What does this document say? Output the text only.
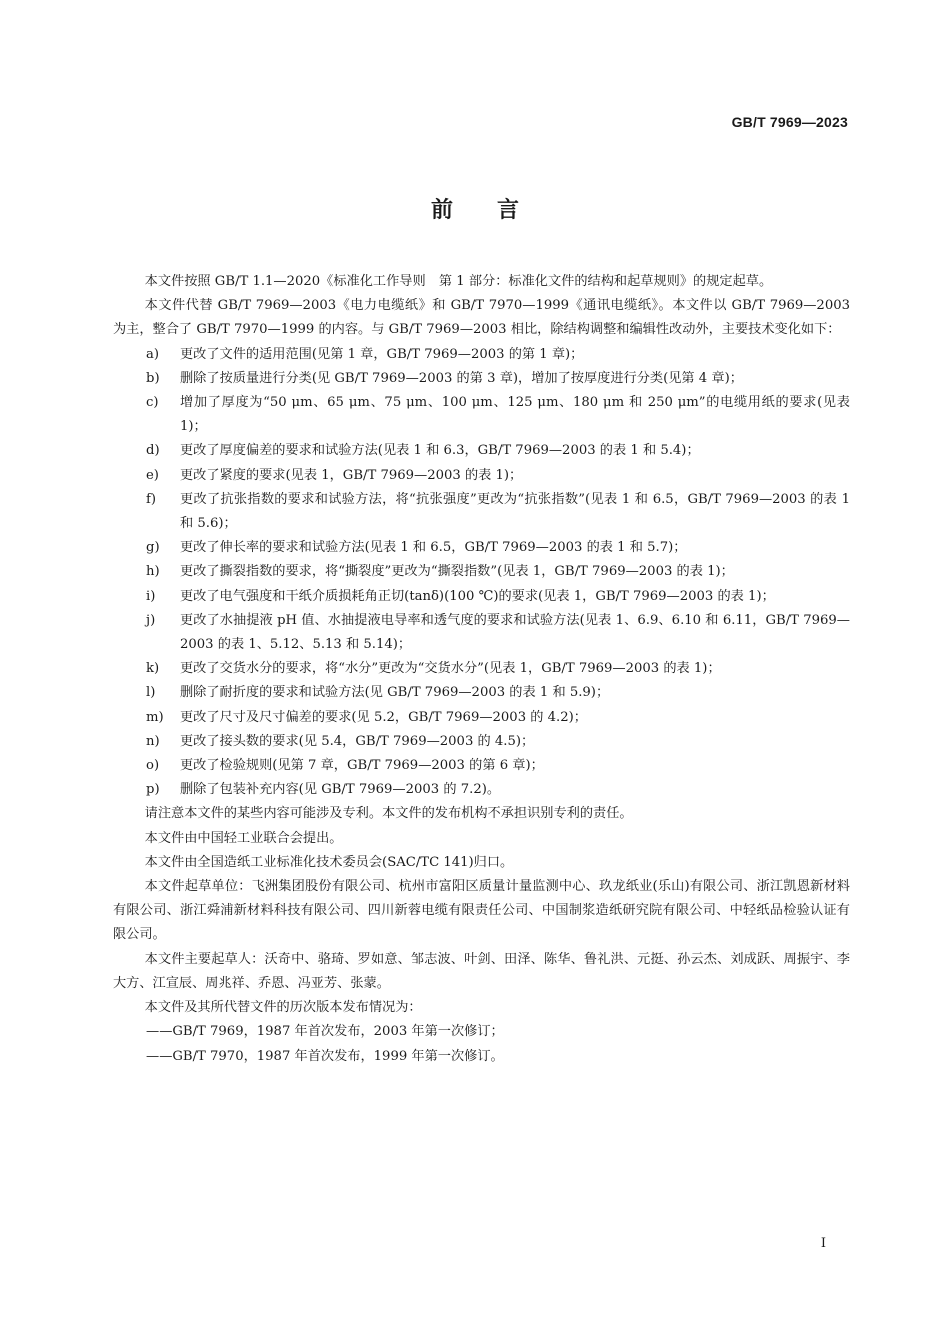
GB/T 7969—2023
前言

本文件按照 GB/T 1.1—2020《标准化工作导则　第 1 部分：标准化文件的结构和起草规则》的规定起草。

本文件代替 GB/T 7969—2003《电力电缆纸》和 GB/T 7970—1999《通讯电缆纸》。本文件以 GB/T 7969—2003 为主，整合了 GB/T 7970—1999 的内容。与 GB/T 7969—2003 相比，除结构调整和编辑性改动外，主要技术变化如下：

a)	更改了文件的适用范围(见第 1 章，GB/T 7969—2003 的第 1 章)；
b)	删除了按质量进行分类(见 GB/T 7969—2003 的第 3 章)，增加了按厚度进行分类(见第 4 章)；
c)	增加了厚度为“50 μm、65 μm、75 μm、100 μm、125 μm、180 μm 和 250 μm”的电缆用纸的要求(见表 1)；
d)	更改了厚度偏差的要求和试验方法(见表 1 和 6.3，GB/T 7969—2003 的表 1 和 5.4)；
e)	更改了紧度的要求(见表 1，GB/T 7969—2003 的表 1)；
f)	更改了抗张指数的要求和试验方法，将“抗张强度”更改为“抗张指数”(见表 1 和 6.5，GB/T 7969—2003 的表 1 和 5.6)；
g)	更改了伸长率的要求和试验方法(见表 1 和 6.5，GB/T 7969—2003 的表 1 和 5.7)；
h)	更改了撕裂指数的要求，将“撕裂度”更改为“撕裂指数”(见表 1，GB/T 7969—2003 的表 1)；
i)	更改了电气强度和干纸介质损耗角正切(tanδ)(100 ℃)的要求(见表 1，GB/T 7969—2003 的表 1)；
j)	更改了水抽提液 pH 值、水抽提液电导率和透气度的要求和试验方法(见表 1、6.9、6.10 和 6.11，GB/T 7969—2003 的表 1、5.12、5.13 和 5.14)；
k)	更改了交货水分的要求，将“水分”更改为“交货水分”(见表 1，GB/T 7969—2003 的表 1)；
l)	删除了耐折度的要求和试验方法(见 GB/T 7969—2003 的表 1 和 5.9)；
m)	更改了尺寸及尺寸偏差的要求(见 5.2，GB/T 7969—2003 的 4.2)；
n)	更改了接头数的要求(见 5.4，GB/T 7969—2003 的 4.5)；
o)	更改了检验规则(见第 7 章，GB/T 7969—2003 的第 6 章)；
p)	删除了包装补充内容(见 GB/T 7969—2003 的 7.2)。

请注意本文件的某些内容可能涉及专利。本文件的发布机构不承担识别专利的责任。

本文件由中国轻工业联合会提出。

本文件由全国造纸工业标准化技术委员会(SAC/TC 141)归口。

本文件起草单位：飞洲集团股份有限公司、杭州市富阳区质量计量监测中心、玖龙纸业(乐山)有限公司、浙江凯恩新材料有限公司、浙江舜浦新材料科技有限公司、四川新蓉电缆有限责任公司、中国制浆造纸研究院有限公司、中轻纸品检验认证有限公司。

本文件主要起草人：沃奇中、骆琦、罗如意、邹志波、叶剑、田泽、陈华、鲁礼洪、元挺、孙云杰、刘成跃、周振宇、李大方、江宣辰、周兆祥、乔恩、冯亚芳、张蒙。

本文件及其所代替文件的历次版本发布情况为：

——GB/T 7969，1987 年首次发布，2003 年第一次修订；

——GB/T 7970，1987 年首次发布，1999 年第一次修订。

I
